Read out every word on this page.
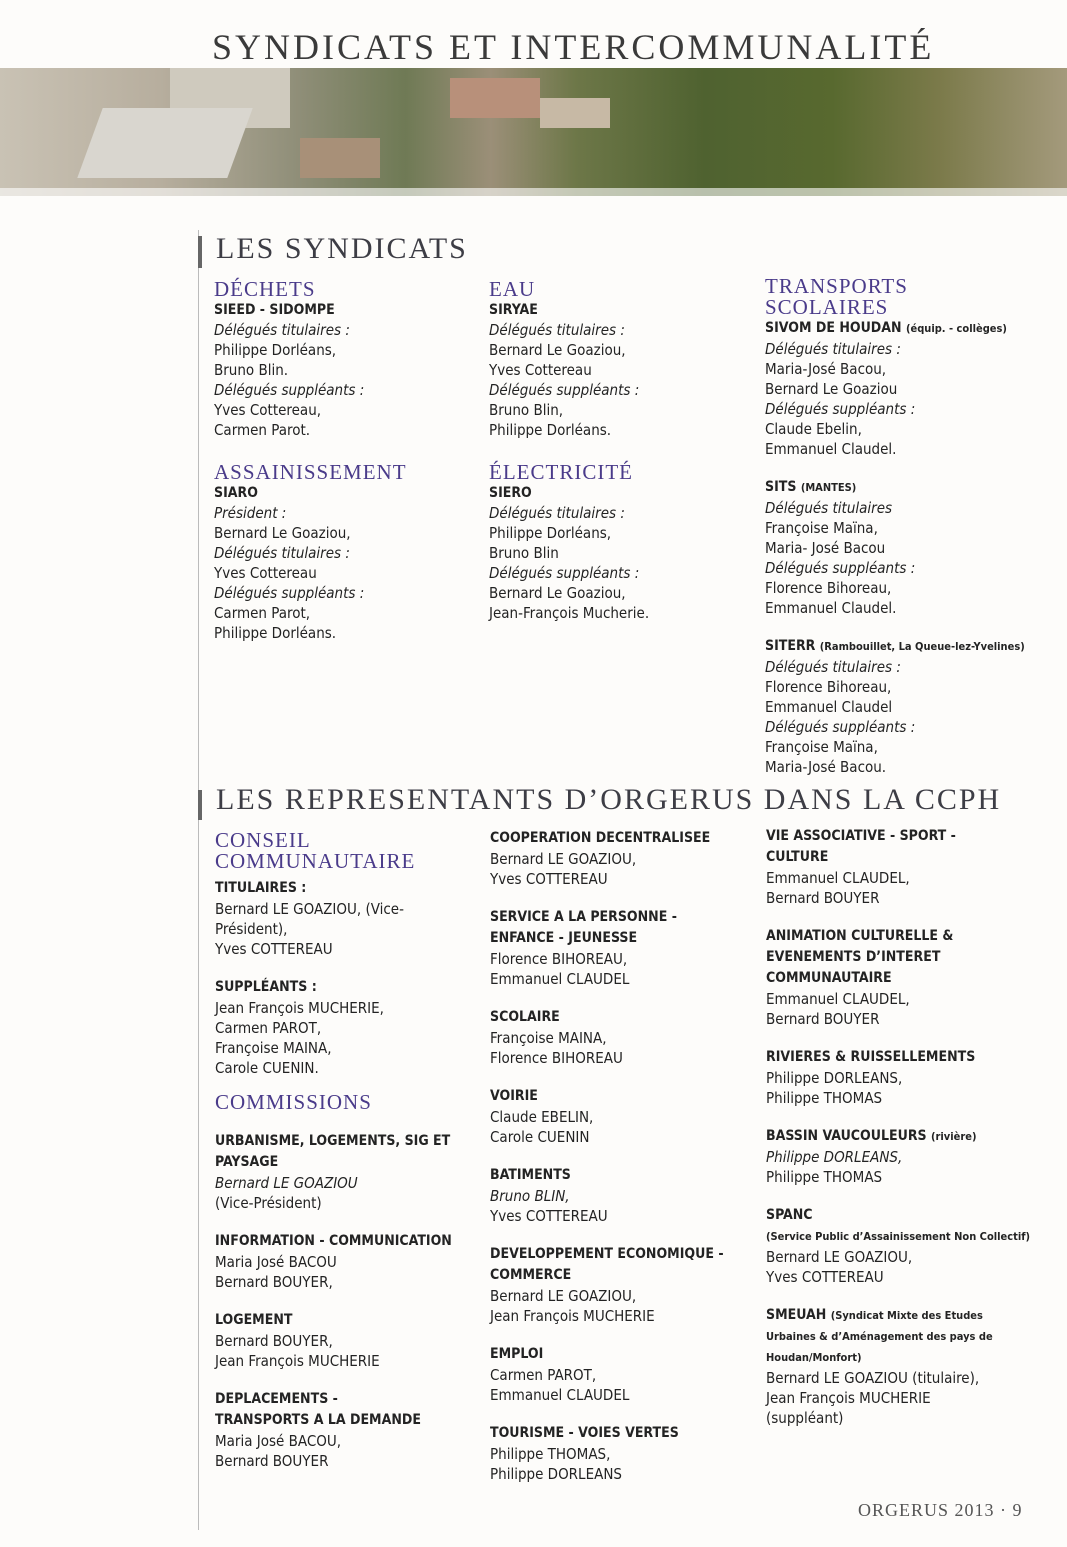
SYNDICATS ET INTERCOMMUNALITÉ
LES SYNDICATS
DÉCHETS
SIEED - SIDOMPE
Délégués titulaires :
Philippe Dorléans,
Bruno Blin.
Délégués suppléants :
Yves Cottereau,
Carmen Parot.
ASSAINISSEMENT
SIARO
Président :
Bernard Le Goaziou,
Délégués titulaires :
Yves Cottereau
Délégués suppléants :
Carmen Parot,
Philippe Dorléans.
EAU
SIRYAE
Délégués titulaires :
Bernard Le Goaziou,
Yves Cottereau
Délégués suppléants :
Bruno Blin,
Philippe Dorléans.
ÉLECTRICITÉ
SIERO
Délégués titulaires :
Philippe Dorléans,
Bruno Blin
Délégués suppléants :
Bernard Le Goaziou,
Jean-François Mucherie.
TRANSPORTS
SCOLAIRES
SIVOM DE HOUDAN (équip. - collèges)
Délégués titulaires :
Maria-José Bacou,
Bernard Le Goaziou
Délégués suppléants :
Claude Ebelin,
Emmanuel Claudel.
SITS (MANTES)
Délégués titulaires
Françoise Maïna,
Maria- José Bacou
Délégués suppléants :
Florence Bihoreau,
Emmanuel Claudel.
SITERR (Rambouillet, La Queue-lez-Yvelines)
Délégués titulaires :
Florence Bihoreau,
Emmanuel Claudel
Délégués suppléants :
Françoise Maïna,
Maria-José Bacou.
LES REPRESENTANTS D’ORGERUS DANS LA CCPH
CONSEIL
COMMUNAUTAIRE
TITULAIRES :
Bernard LE GOAZIOU, (Vice-
Président),
Yves COTTEREAU
SUPPLÉANTS :
Jean François MUCHERIE,
Carmen PAROT,
Françoise MAINA,
Carole CUENIN.
COMMISSIONS
URBANISME, LOGEMENTS, SIG ET
PAYSAGE
Bernard LE GOAZIOU
(Vice-Président)
INFORMATION - COMMUNICATION
Maria José BACOU
Bernard BOUYER,
LOGEMENT
Bernard BOUYER,
Jean François MUCHERIE
DEPLACEMENTS -
TRANSPORTS A LA DEMANDE
Maria José BACOU,
Bernard BOUYER
COOPERATION DECENTRALISEE
Bernard LE GOAZIOU,
Yves COTTEREAU
SERVICE A LA PERSONNE -
ENFANCE - JEUNESSE
Florence BIHOREAU,
Emmanuel CLAUDEL
SCOLAIRE
Françoise MAINA,
Florence BIHOREAU
VOIRIE
Claude EBELIN,
Carole CUENIN
BATIMENTS
Bruno BLIN,
Yves COTTEREAU
DEVELOPPEMENT ECONOMIQUE -
COMMERCE
Bernard LE GOAZIOU,
Jean François MUCHERIE
EMPLOI
Carmen PAROT,
Emmanuel CLAUDEL
TOURISME - VOIES VERTES
Philippe THOMAS,
Philippe DORLEANS
VIE ASSOCIATIVE - SPORT -
CULTURE
Emmanuel CLAUDEL,
Bernard BOUYER
ANIMATION CULTURELLE &
EVENEMENTS D’INTERET
COMMUNAUTAIRE
Emmanuel CLAUDEL,
Bernard BOUYER
RIVIERES & RUISSELLEMENTS
Philippe DORLEANS,
Philippe THOMAS
BASSIN VAUCOULEURS (rivière)
Philippe DORLEANS,
Philippe THOMAS
SPANC
(Service Public d’Assainissement Non Collectif)
Bernard LE GOAZIOU,
Yves COTTEREAU
SMEUAH (Syndicat Mixte des Etudes
Urbaines & d’Aménagement des pays de
Houdan/Monfort)
Bernard LE GOAZIOU (titulaire),
Jean François MUCHERIE
(suppléant)
ORGERUS 2013 · 9
